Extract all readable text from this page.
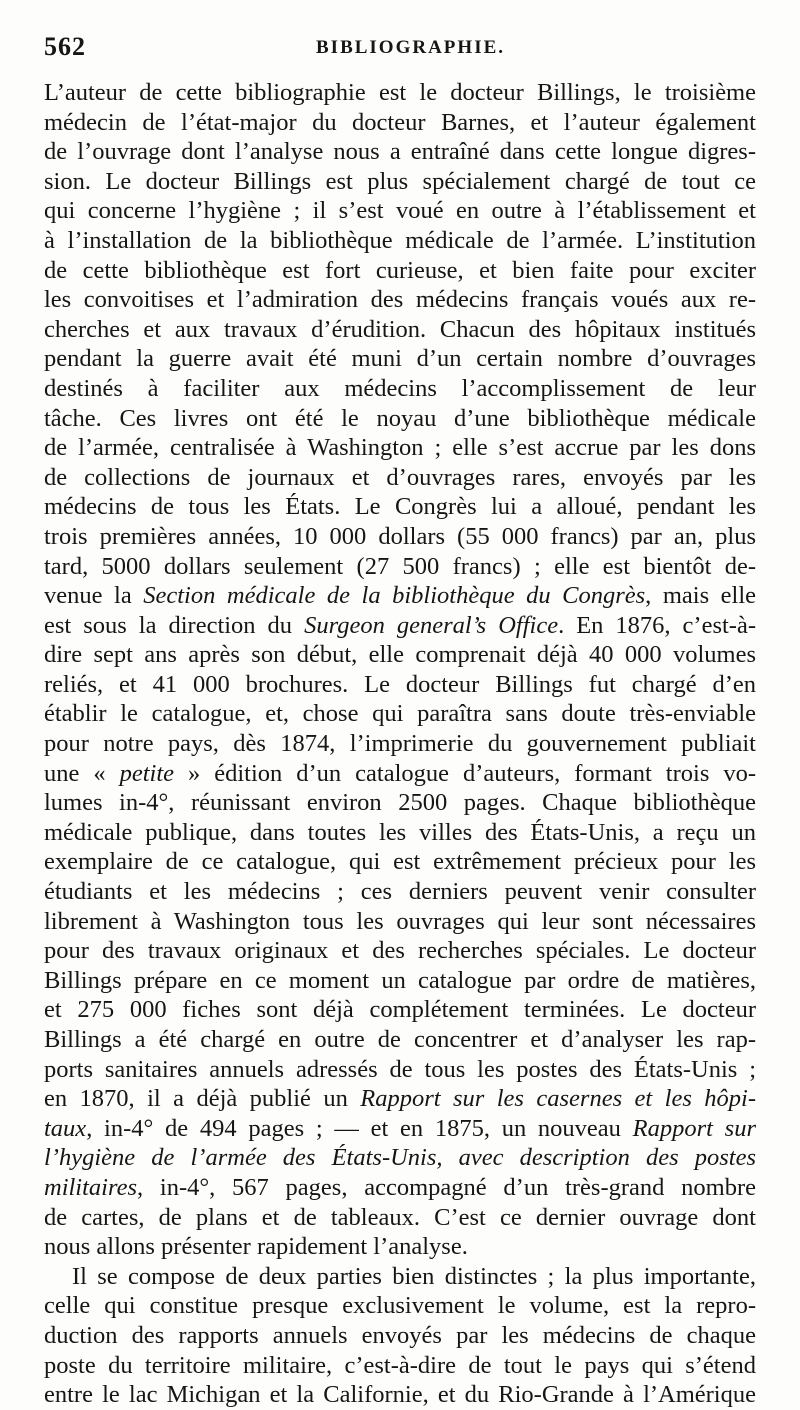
562	BIBLIOGRAPHIE.
L’auteur de cette bibliographie est le docteur Billings, le troisième
médecin de l’état-major du docteur Barnes, et l’auteur également
de l’ouvrage dont l’analyse nous a entraîné dans cette longue digres-
sion. Le docteur Billings est plus spécialement chargé de tout ce
qui concerne l’hygiène ; il s’est voué en outre à l’établissement et
à l’installation de la bibliothèque médicale de l’armée. L’institution
de cette bibliothèque est fort curieuse, et bien faite pour exciter
les convoitises et l’admiration des médecins français voués aux re-
cherches et aux travaux d’érudition. Chacun des hôpitaux institués
pendant la guerre avait été muni d’un certain nombre d’ouvrages
destinés à faciliter aux médecins l’accomplissement de leur
tâche. Ces livres ont été le noyau d’une bibliothèque médicale
de l’armée, centralisée à Washington ; elle s’est accrue par les dons
de collections de journaux et d’ouvrages rares, envoyés par les
médecins de tous les États. Le Congrès lui a alloué, pendant les
trois premières années, 10 000 dollars (55 000 francs) par an, plus
tard, 5000 dollars seulement (27 500 francs) ; elle est bientôt de-
venue la Section médicale de la bibliothèque du Congrès, mais elle
est sous la direction du Surgeon general’s Office. En 1876, c’est-à-
dire sept ans après son début, elle comprenait déjà 40 000 volumes
reliés, et 41 000 brochures. Le docteur Billings fut chargé d’en
établir le catalogue, et, chose qui paraîtra sans doute très-enviable
pour notre pays, dès 1874, l’imprimerie du gouvernement publiait
une « petite » édition d’un catalogue d’auteurs, formant trois vo-
lumes in-4°, réunissant environ 2500 pages. Chaque bibliothèque
médicale publique, dans toutes les villes des États-Unis, a reçu un
exemplaire de ce catalogue, qui est extrêmement précieux pour les
étudiants et les médecins ; ces derniers peuvent venir consulter
librement à Washington tous les ouvrages qui leur sont nécessaires
pour des travaux originaux et des recherches spéciales. Le docteur
Billings prépare en ce moment un catalogue par ordre de matières,
et 275 000 fiches sont déjà complétement terminées. Le docteur
Billings a été chargé en outre de concentrer et d’analyser les rap-
ports sanitaires annuels adressés de tous les postes des États-Unis ;
en 1870, il a déjà publié un Rapport sur les casernes et les hôpi-
taux, in-4° de 494 pages ; — et en 1875, un nouveau Rapport sur
l’hygiène de l’armée des États-Unis, avec description des postes
militaires, in-4°, 567 pages, accompagné d’un très-grand nombre
de cartes, de plans et de tableaux. C’est ce dernier ouvrage dont
nous allons présenter rapidement l’analyse.
Il se compose de deux parties bien distinctes ; la plus importante,
celle qui constitue presque exclusivement le volume, est la repro-
duction des rapports annuels envoyés par les médecins de chaque
poste du territoire militaire, c’est-à-dire de tout le pays qui s’étend
entre le lac Michigan et la Californie, et du Rio-Grande à l’Amérique
